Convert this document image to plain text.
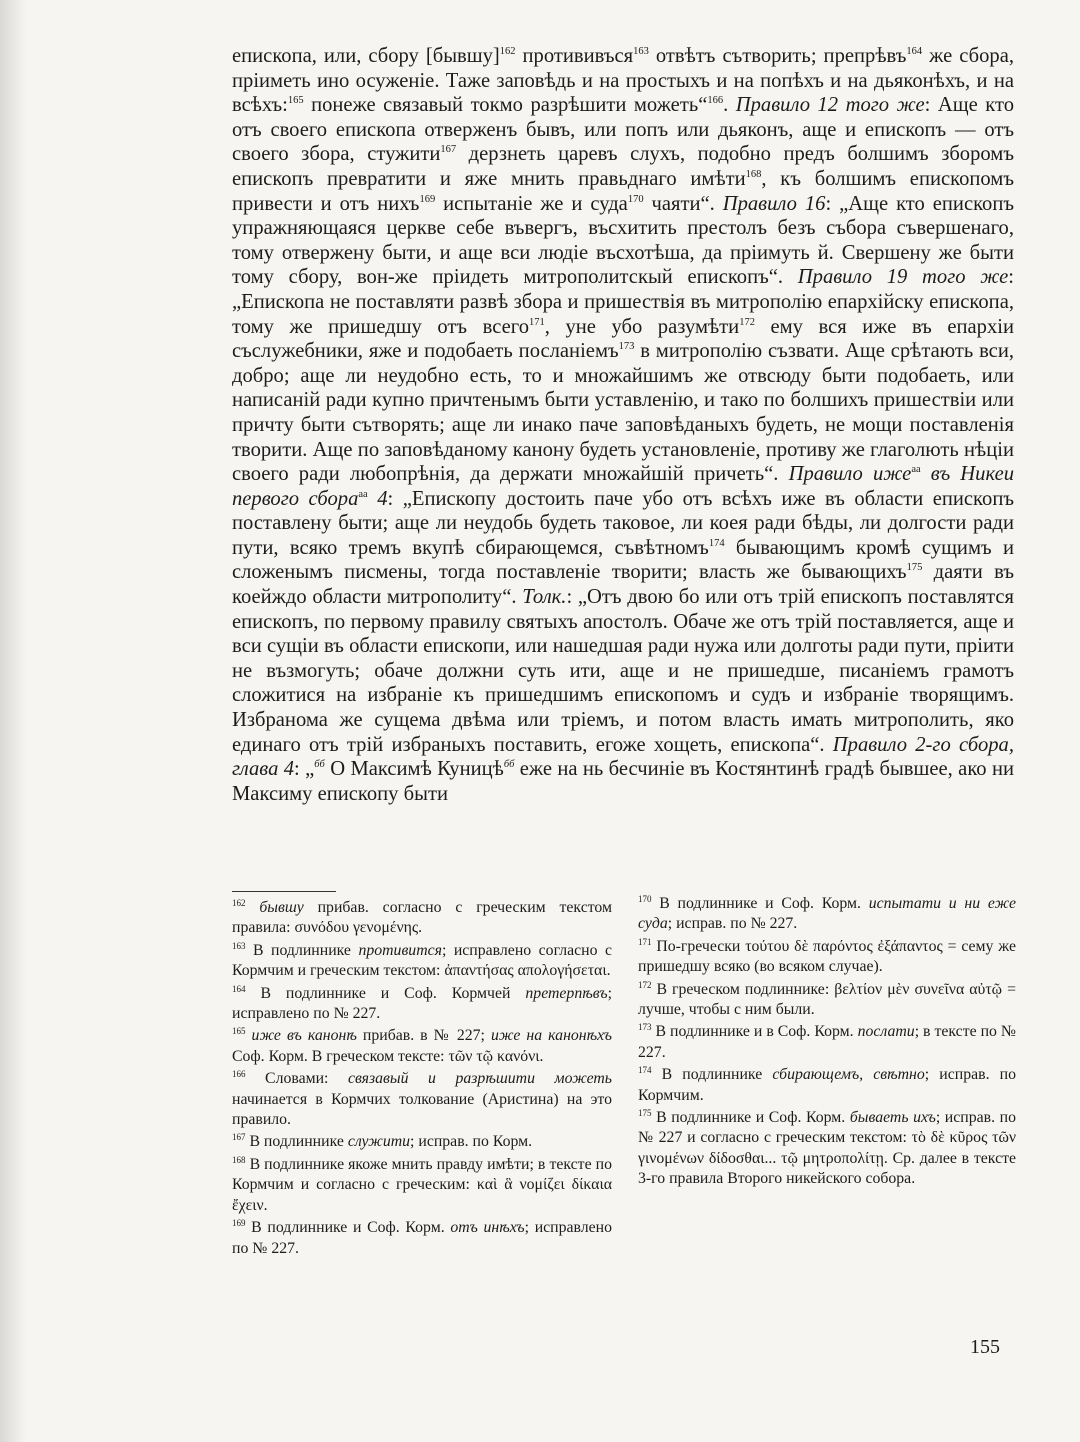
епископа, или, сбору [бывшу]$^{162}$ протививъся$^{163}$ отвѣтъ сътворить; препрѣвъ$^{164}$ же сбора, пріиметь ино осуженіе. Таже заповѣдь и на простыхъ и на попѣхъ и на дьяконѣхъ, и на всѣхъ:$^{165}$ понеже связавый токмо разрѣшити можеть“$^{166}$. Правило 12 того же: Аще кто отъ своего епископа отверженъ бывъ, или попъ или дьяконъ, аще и епископъ — отъ своего збора, стужити$^{167}$ дерзнеть царевъ слухъ, подобно предъ болшимъ зборомъ епископъ превратити и яже мнить правьднаго имѣти$^{168}$, къ болшимъ епископомъ привести и отъ нихъ$^{169}$ испытаніе же и суда$^{170}$ чаяти“. Правило 16: „Аще кто епископъ упражняющаяся церкве себе въвергъ, въсхитить престолъ безъ събора съвершенаго, тому отвержену быти, и аще вси людіе въсхотѣша, да пріимуть й. Свершену же быти тому сбору, вон-же пріидеть митрополитскый епископъ“. Правило 19 того же: „Епископа не поставляти развѣ збора и пришествія въ митрополію епархійску епископа, тому же пришедшу отъ всего$^{171}$, уне убо разумѣти$^{172}$ ему вся иже въ епархіи съслужебники, яже и подобаеть посланіемъ$^{173}$ в митрополію съзвати. Аще срѣтають вси, добро; аще ли неудобно есть, то и множайшимъ же отвсюду быти подобаеть, или написаній ради купно причтенымъ быти уставленію, и тако по болшихъ пришествіи или причту быти сътворять; аще ли инако паче заповѣданыхъ будеть, не мощи поставленія творити. Аще по заповѣданому канону будеть установленіе, противу же глаголють нѣціи своего ради любопрѣнія, да держати множайшій причеть“. Правило иже$^{аа}$ въ Никеи первого сбора$^{аа}$ 4: „Епископу достоить паче убо отъ всѣхъ иже въ области епископъ поставлену быти; аще ли неудобь будеть таковое, ли коея ради бѣды, ли долгости ради пути, всяко тремъ вкупѣ сбирающемся, съвѣтномъ$^{174}$ бывающимъ кромѣ сущимъ и сложенымъ писмены, тогда поставленіе творити; власть же бывающихъ$^{175}$ даяти въ коейждо области митрополиту“. Толк.: „Отъ двою бо или отъ трій епископъ поставлятся епископъ, по первому правилу святыхъ апостолъ. Обаче же отъ трій поставляется, аще и вси сущіи въ области епископи, или нашедшая ради нужа или долготы ради пути, пріити не възмогуть; обаче должни суть ити, аще и не пришедше, писаніемъ грамотъ сложитися на избраніе къ пришедшимъ епископомъ и судъ и избраніе творящимъ. Избранома же сущема двѣма или тріемъ, и потом власть имать митрополить, яко единаго отъ трій избраныхъ поставить, егоже хощеть, епископа“. Правило 2-го сбора, глава 4: „$^{бб}$ О Максимѣ Куницѣ$^{бб}$ еже на нь бесчиніе въ Костянтинѣ градѣ бывшее, ако ни Максиму епископу быти

$^{162}$ бывшу прибав. согласно с греческим текстом правила: συνόδου γενομένης.

$^{163}$ В подлиннике противится; исправлено согласно с Кормчим и греческим текстом: ἀπαντήσας απολογήσεται.

$^{164}$ В подлиннике и Соф. Кормчей претерпѣвъ; исправлено по № 227.

$^{165}$ иже въ канонѣ прибав. в № 227; иже на канонѣхъ Соф. Корм. В греческом тексте: τῶν τῷ κανόνι.

$^{166}$ Словами: связавый и разрѣшити можеть начинается в Кормчих толкование (Аристина) на это правило.

$^{167}$ В подлиннике служити; исправ. по Корм.

$^{168}$ В подлиннике якоже мнить правду имѣти; в тексте по Кормчим и согласно с греческим: καὶ ἃ νομίζει δίκαια ἔχειν.

$^{169}$ В подлиннике и Соф. Корм. отъ инѣхъ; исправлено по № 227.

$^{170}$ В подлиннике и Соф. Корм. испытати и ни еже суда; исправ. по № 227.

$^{171}$ По-гречески τούτου δὲ παρόντος ἐξάπαντος = сему же пришедшу всяко (во всяком случае).

$^{172}$ В греческом подлиннике: βελτίον μὲν συνεῖνα αὐτῷ = лучше, чтобы с ним были.

$^{173}$ В подлиннике и в Соф. Корм. послати; в тексте по № 227.

$^{174}$ В подлиннике сбирающемъ, свѣтно; исправ. по Кормчим.

$^{175}$ В подлиннике и Соф. Корм. бываеть ихъ; исправ. по № 227 и согласно с греческим текстом: τὸ δὲ κῦρος τῶν γινομένων δίδοσθαι... τῷ μητροπολίτῃ. Ср. далее в тексте 3-го правила Второго никейского собора.

155
